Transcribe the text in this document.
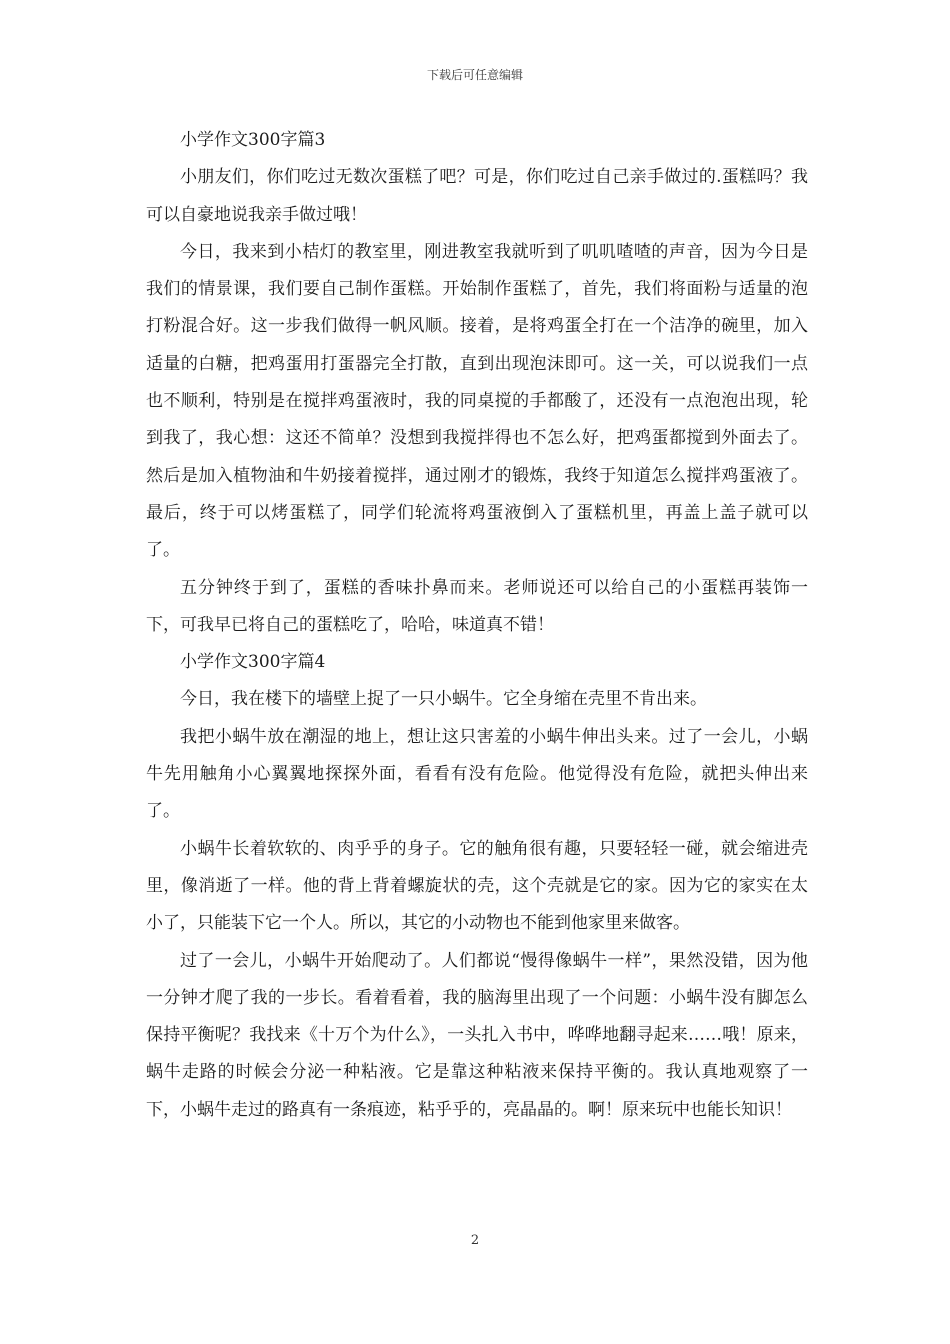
下载后可任意编辑

小学作文300字篇3

小朋友们，你们吃过无数次蛋糕了吧？可是，你们吃过自己亲手做过的.蛋糕吗？我可以自豪地说我亲手做过哦！

今日，我来到小桔灯的教室里，刚进教室我就听到了叽叽喳喳的声音，因为今日是我们的情景课，我们要自己制作蛋糕。开始制作蛋糕了，首先，我们将面粉与适量的泡打粉混合好。这一步我们做得一帆风顺。接着，是将鸡蛋全打在一个洁净的碗里，加入适量的白糖，把鸡蛋用打蛋器完全打散，直到出现泡沫即可。这一关，可以说我们一点也不顺利，特别是在搅拌鸡蛋液时，我的同桌搅的手都酸了，还没有一点泡泡出现，轮到我了，我心想：这还不简单？没想到我搅拌得也不怎么好，把鸡蛋都搅到外面去了。然后是加入植物油和牛奶接着搅拌，通过刚才的锻炼，我终于知道怎么搅拌鸡蛋液了。最后，终于可以烤蛋糕了，同学们轮流将鸡蛋液倒入了蛋糕机里，再盖上盖子就可以了。

五分钟终于到了，蛋糕的香味扑鼻而来。老师说还可以给自己的小蛋糕再装饰一下，可我早已将自己的蛋糕吃了，哈哈，味道真不错！

小学作文300字篇4

今日，我在楼下的墙壁上捉了一只小蜗牛。它全身缩在壳里不肯出来。

我把小蜗牛放在潮湿的地上，想让这只害羞的小蜗牛伸出头来。过了一会儿，小蜗牛先用触角小心翼翼地探探外面，看看有没有危险。他觉得没有危险，就把头伸出来了。

小蜗牛长着软软的、肉乎乎的身子。它的触角很有趣，只要轻轻一碰，就会缩进壳里，像消逝了一样。他的背上背着螺旋状的壳，这个壳就是它的家。因为它的家实在太小了，只能装下它一个人。所以，其它的小动物也不能到他家里来做客。

过了一会儿，小蜗牛开始爬动了。人们都说“慢得像蜗牛一样”，果然没错，因为他一分钟才爬了我的一步长。看着看着，我的脑海里出现了一个问题：小蜗牛没有脚怎么保持平衡呢？我找来《十万个为什么》，一头扎入书中，哗哗地翻寻起来……哦！原来，蜗牛走路的时候会分泌一种粘液。它是靠这种粘液来保持平衡的。我认真地观察了一下，小蜗牛走过的路真有一条痕迹，粘乎乎的，亮晶晶的。啊！原来玩中也能长知识！

2
